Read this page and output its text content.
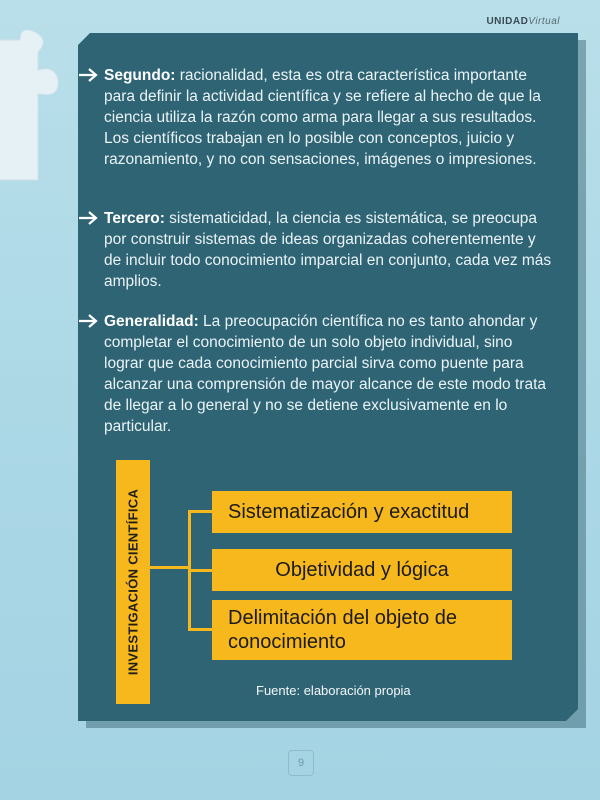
UNIDADVirtual

Segundo: racionalidad, esta es otra característica importante para definir la actividad científica y se refiere al hecho de que la ciencia utiliza la razón como arma para llegar a sus resultados. Los científicos trabajan en lo posible con conceptos, juicio y razonamiento, y no con sensaciones, imágenes o impresiones.

Tercero: sistematicidad, la ciencia es sistemática, se preocupa por construir sistemas de ideas organizadas coherentemente y de incluir todo conocimiento imparcial en conjunto, cada vez más amplios.

Generalidad: La preocupación científica no es tanto ahondar y completar el conocimiento de un solo objeto individual, sino lograr que cada conocimiento parcial sirva como puente para alcanzar una comprensión de mayor alcance de este modo trata de llegar a lo general y no se detiene exclusivamente en lo particular.

INVESTIGACIÓN CIENTÍFICA	Sistematización y exactitud
Objetividad y lógica
Delimitación del objeto de conocimiento
Fuente: elaboración propia
9
